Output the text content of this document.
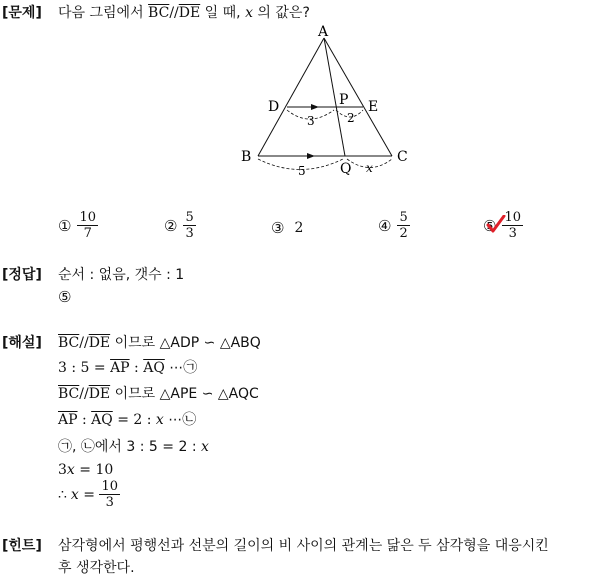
[문제] 다음 그림에서 $\overline{BC}//\overline{DE}$ 일 때, x 의 값은?
A
D	E
P
B	C
Q
3	2
5	x
① $\frac{10}{7}$	② $\frac{5}{3}$	③ 2	④ $\frac{5}{2}$	⑤ $\frac{10}{3}$
[정답] 순서 : 없음, 갯수 : 1
⑤
[해설] $\overline{BC}//\overline{DE}$ 이므로 △ADP ∽ △ABQ
3 : $5 = \overline{AP}$ : $\overline{AQ}$ ⋯㉠
$\overline{BC}//\overline{DE}$ 이므로 △APE ∽ △AQC
$\overline{AP}$ : $\overline{AQ} = 2$ : x ⋯㉡
㉠, ㉡에서 3 : 5 = 2 : x
3x = 10
∴ $x = \frac{10}{3}$
[힌트] 삼각형에서 평행선과 선분의 길이의 비 사이의 관계는 닮은 두 삼각형을 대응시킨
후 생각한다.
